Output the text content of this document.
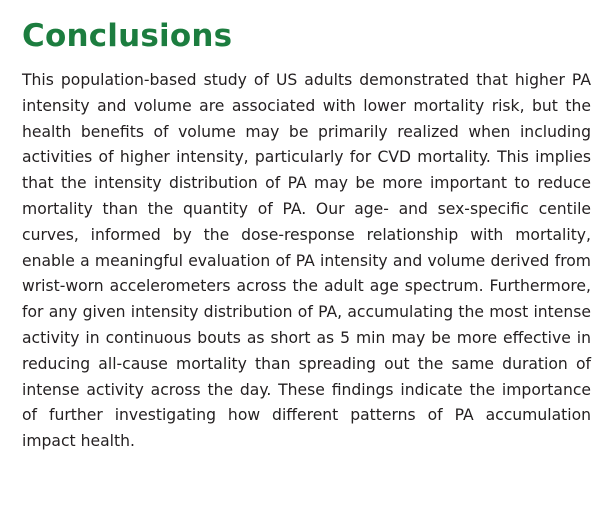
Conclusions

This population-based study of US adults demonstrated that higher PA intensity and volume are associated with lower mortality risk, but the health benefits of volume may be primarily realized when including activities of higher intensity, particularly for CVD mortality. This implies that the intensity distribution of PA may be more important to reduce mortality than the quantity of PA. Our age- and sex-specific centile curves, informed by the dose-response relationship with mortality, enable a meaningful evaluation of PA intensity and volume derived from wrist-worn accelerometers across the adult age spectrum. Furthermore, for any given intensity distribution of PA, accumulating the most intense activity in continuous bouts as short as 5 min may be more effective in reducing all-cause mortality than spreading out the same duration of intense activity across the day. These findings indicate the importance of further investigating how different patterns of PA accumulation impact health.
